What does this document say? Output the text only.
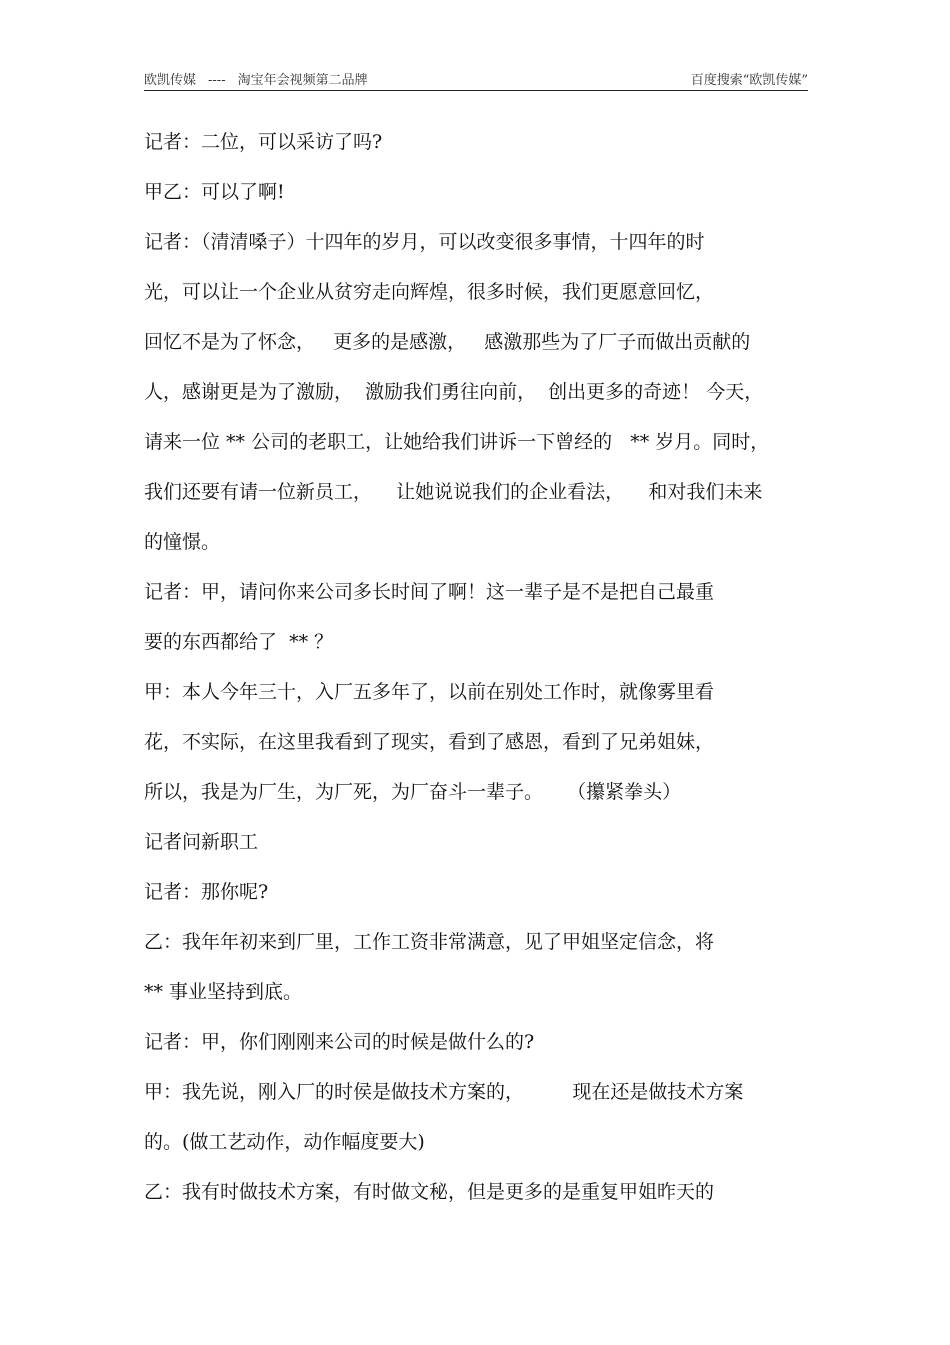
欧凯传媒 ---- 淘宝年会视频第二品牌	百度搜索“欧凯传媒”
记者：二位，可以采访了吗?
甲乙：可以了啊!
记者：（清清嗓子）十四年的岁月，可以改变很多事情，十四年的时
光，可以让一个企业从贫穷走向辉煌，很多时候，我们更愿意回忆，
回忆不是为了怀念，   更多的是感激，   感激那些为了厂子而做出贡献的
人，感谢更是为了激励，  激励我们勇往向前，  创出更多的奇迹！ 今天，
请来一位 ** 公司的老职工，让她给我们讲诉一下曾经的   ** 岁月。同时，
我们还要有请一位新员工，    让她说说我们的企业看法，    和对我们未来
的憧憬。
记者：甲，请问你来公司多长时间了啊！这一辈子是不是把自己最重
要的东西都给了  ** ？
甲：本人今年三十，入厂五多年了，以前在别处工作时，就像雾里看
花，不实际，在这里我看到了现实，看到了感恩，看到了兄弟姐妹，
所以，我是为厂生，为厂死，为厂奋斗一辈子。    （攥紧拳头）
记者问新职工
记者：那你呢?
乙：我年年初来到厂里，工作工资非常满意，见了甲姐坚定信念，将
** 事业坚持到底。
记者：甲，你们刚刚来公司的时候是做什么的?
甲：我先说，刚入厂的时侯是做技术方案的，        现在还是做技术方案
的。(做工艺动作，动作幅度要大)
乙：我有时做技术方案，有时做文秘，但是更多的是重复甲姐昨天的
